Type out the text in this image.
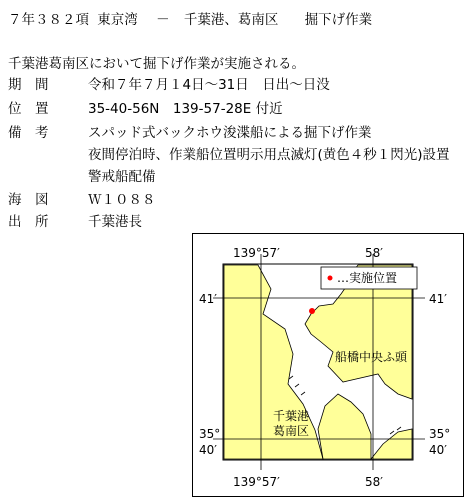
７年３８２項 東京湾 － 千葉港、葛南区 掘下げ作業
千葉港葛南区において掘下げ作業が実施される。
期　間	令和７年７月１4日～31日　日出～日没
位　置	35-40-56N　139-57-28E 付近
備　考	スパッド式バックホウ浚渫船による掘下げ作業
夜間停泊時、作業船位置明示用点滅灯(黄色４秒１閃光)設置
警戒船配備
海　図	Ｗ１０８８
出　所	千葉港長
139°57′	58′
139°57′	58′
41′	41′
35°
40′
35°
40′
…実施位置
船橋中央ふ頭
千葉港
葛南区
